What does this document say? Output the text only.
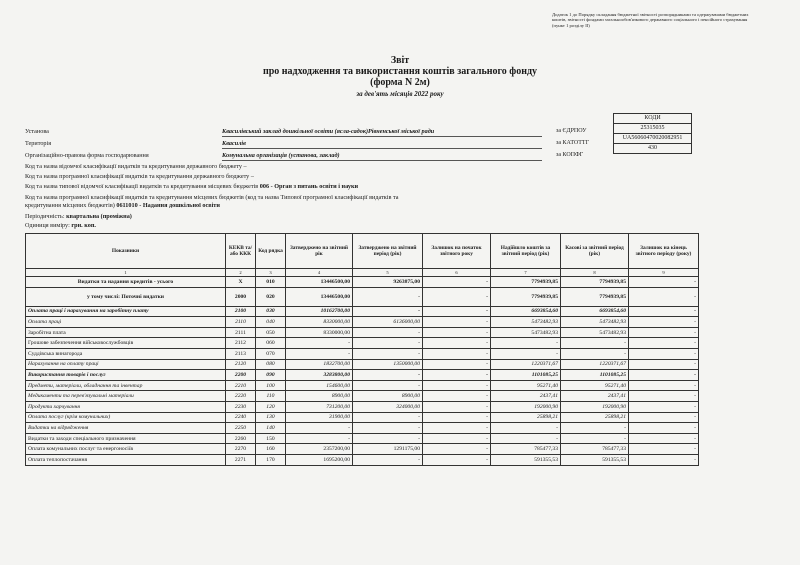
Додаток 1 до Порядку складання бюджетної звітності розпорядниками та одержувачами бюджетних коштів, звітності фондами загальнообов'язкового державного соціального і пенсійного страхування (пункт 1 розділу II)
Звіт
про надходження та використання коштів загального фонду
(форма N 2м)
за дев'ять місяців 2022 року
КОДИ
Установа	Квасилівський заклад дошкільної освіти (ясла-садок)Рівненської міської ради	за ЄДРПОУ	25315035
Територія	Квасилів	за КАТОТТГ
UA56060470020082951
Організаційно-правова форма господарювання	Комунальна організація (установа, заклад)	за КОПФГ
430
Код та назва відомчої класифікації видатків та кредитування державного бюджету –
Код та назва програмної класифікації видатків та кредитування державного бюджету –
Код та назва типової відомчої класифікації видатків та кредитування місцевих бюджетів 006 - Орган з питань освіти і науки
Код та назва програмної класифікації видатків та кредитування місцевих бюджетів (код та назва Типової програмної класифікації видатків та
кредитування місцевих бюджетів) 0611010 - Надання дошкільної освіти
Періодичність: квартальна (проміжна)
Одиниця виміру: грн. коп.
Показники	КЕКВ та/або ККК	Код рядка	Затверджено на звітний рік	Затверджено на звітний період (рік)	Залишок на початок звітного року	Надійшло коштів за звітний період (рік)	Касові за звітний період (рік)	Залишок на кінець звітного періоду (року)
1	2	3	4	5	6	7	8	9
Видатки та надання кредитів - усього	Х	010	13446500,00	9263875,00	-	7794939,85	7794939,85	-
у тому числі: Поточні видатки	2000	020	13446500,00	-	-	7794939,85	7794939,85	-
Оплата праці і нарахування на заробітну плату	2100	030	10162700,00	-	-	6693854,60	6693854,60	-
Оплата праці	2110	040	8330000,00	6136000,00	-	5473482,93	5473482,93	-
Заробітна плата	2111	050	8330000,00	-	-	5473482,93	5473482,93	-
Грошове забезпечення військовослужбовців	2112	060	-	-	-	-	-	-
Суддівська винагорода	2113	070	-	-	-	-	-	-
Нарахування на оплату праці	2120	080	1832700,00	1350000,00	-	1220371,67	1220371,67	-
Використання товарів і послуг	2200	090	3283800,00	-	-	1101085,25	1101085,25	-
Предмети, матеріали, обладнання та інвентар	2210	100	154600,00	-	-	95271,40	95271,40	-
Медикаменти та перев'язувальні матеріали	2220	110	8900,00	8900,00	-	2437,41	2437,41	-
Продукти харчування	2230	120	731200,00	324000,00	-	192000,90	192000,90	-
Оплата послуг (крім комунальних)	2240	130	31900,00	-	-	25898,21	25898,21	-
Видатки на відрядження	2250	140	-	-	-	-	-	-
Видатки та заходи спеціального призначення	2260	150	-	-	-	-	-	-
Оплата комунальних послуг та енергоносіїв	2270	160	2357200,00	1291175,00	-	785477,33	785477,33	-
Оплата теплопостачання	2271	170	1695200,00	-	-	591355,53	591355,53	-
